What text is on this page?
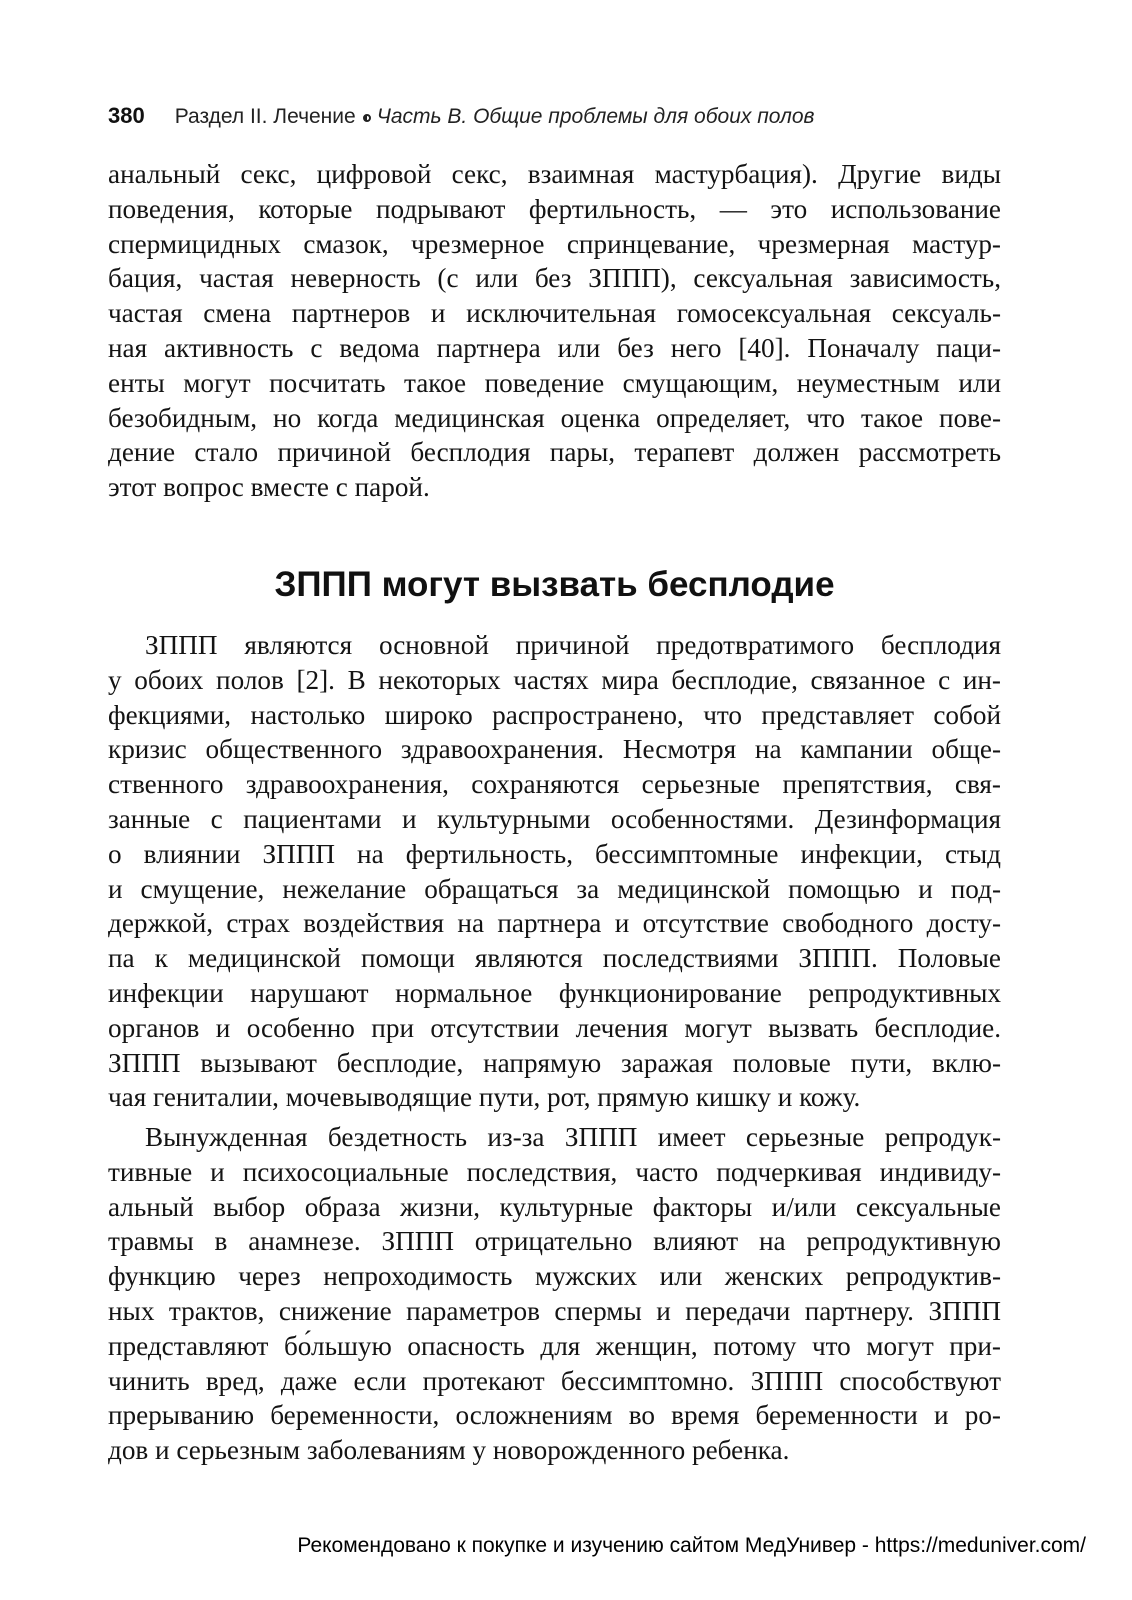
380 Раздел II. Лечение Часть B. Общие проблемы для обоих полов

анальный секс, цифровой секс, взаимная мастурбация). Другие виды

поведения, которые подрывают фертильность, — это использование

спермицидных смазок, чрезмерное спринцевание, чрезмерная мастур-

бация, частая неверность (с или без ЗППП), сексуальная зависимость,

частая смена партнеров и исключительная гомосексуальная сексуаль-

ная активность с ведома партнера или без него [40]. Поначалу паци-

енты могут посчитать такое поведение смущающим, неуместным или

безобидным, но когда медицинская оценка определяет, что такое пове-

дение стало причиной бесплодия пары, терапевт должен рассмотреть

этот вопрос вместе с парой.

ЗППП могут вызвать бесплодие

ЗППП являются основной причиной предотвратимого бесплодия

у обоих полов [2]. В некоторых частях мира бесплодие, связанное с ин-

фекциями, настолько широко распространено, что представляет собой

кризис общественного здравоохранения. Несмотря на кампании обще-

ственного здравоохранения, сохраняются серьезные препятствия, свя-

занные с пациентами и культурными особенностями. Дезинформация

о влиянии ЗППП на фертильность, бессимптомные инфекции, стыд

и смущение, нежелание обращаться за медицинской помощью и под-

держкой, страх воздействия на партнера и отсутствие свободного досту-

па к медицинской помощи являются последствиями ЗППП. Половые

инфекции нарушают нормальное функционирование репродуктивных

органов и особенно при отсутствии лечения могут вызвать бесплодие.

ЗППП вызывают бесплодие, напрямую заражая половые пути, вклю-

чая гениталии, мочевыводящие пути, рот, прямую кишку и кожу.

Вынужденная бездетность из-за ЗППП имеет серьезные репродук-

тивные и психосоциальные последствия, часто подчеркивая индивиду-

альный выбор образа жизни, культурные факторы и/или сексуальные

травмы в анамнезе. ЗППП отрицательно влияют на репродуктивную

функцию через непроходимость мужских или женских репродуктив-

ных трактов, снижение параметров спермы и передачи партнеру. ЗППП

представляют бо́льшую опасность для женщин, потому что могут при-

чинить вред, даже если протекают бессимптомно. ЗППП способствуют

прерыванию беременности, осложнениям во время беременности и ро-

дов и серьезным заболеваниям у новорожденного ребенка.

Рекомендовано к покупке и изучению сайтом МедУнивер - https://meduniver.com/
